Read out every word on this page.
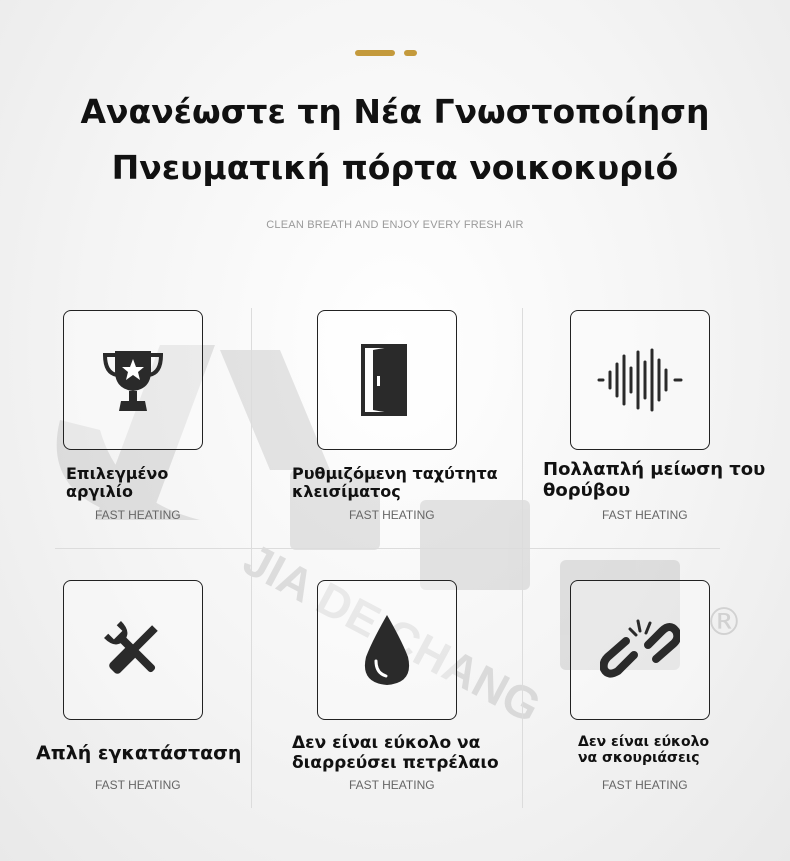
Ανανέωστε τη Νέα Γνωστοποίηση
Πνευματική πόρτα νοικοκυριό
CLEAN BREATH AND ENJOY EVERY FRESH AIR
JIA DE CHANG	®
Επιλεγμένο
αργιλίο
FAST HEATING
Ρυθμιζόμενη ταχύτητα
κλεισίματος
FAST HEATING
Πολλαπλή μείωση του
θορύβου
FAST HEATING
Απλή εγκατάσταση
FAST HEATING
Δεν είναι εύκολο να
διαρρεύσει πετρέλαιο
FAST HEATING
Δεν είναι εύκολο
να σκουριάσεις
FAST HEATING
